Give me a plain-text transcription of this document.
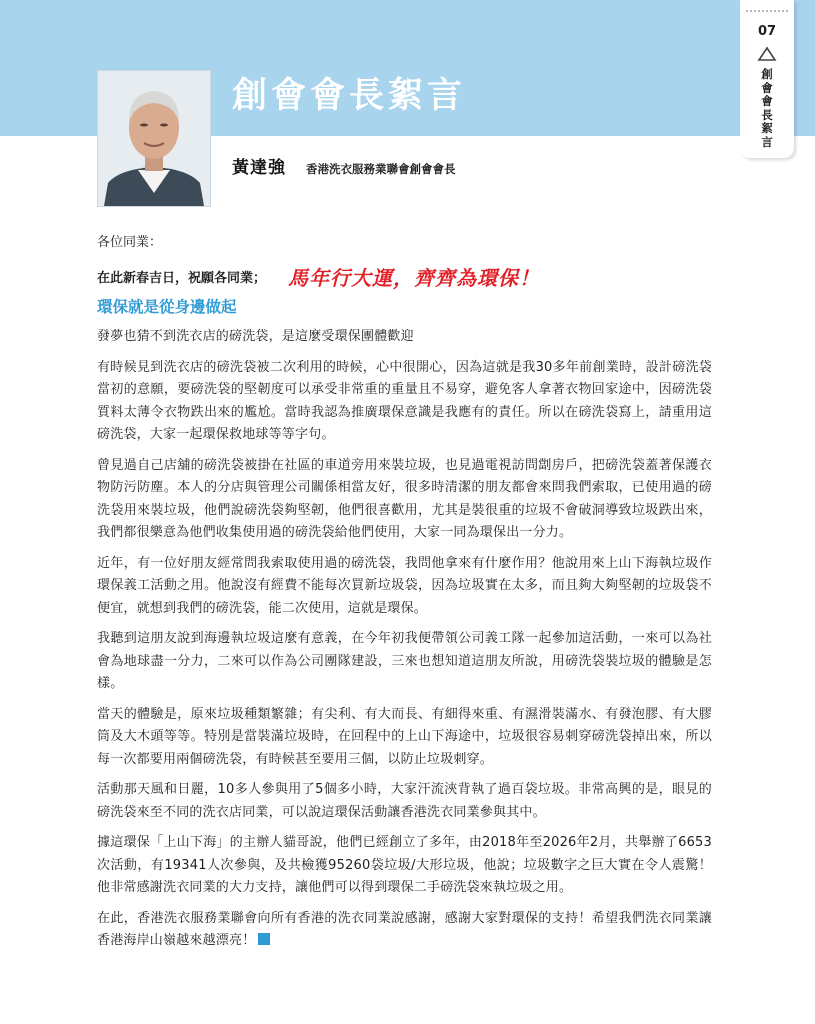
創會會長絮言
黃達強 香港洗衣服務業聯會創會會長
07
創
會
會
長
絮
言

各位同業：

在此新春吉日，祝願各同業； 馬年行大運，齊齊為環保！

環保就是從身邊做起

發夢也猜不到洗衣店的磅洗袋，是這麼受環保團體歡迎

有時候見到洗衣店的磅洗袋被二次利用的時候，心中很開心，因為這就是我30多年前創業時，設計磅洗袋當初的意願，要磅洗袋的堅韌度可以承受非常重的重量且不易穿，避免客人拿著衣物回家途中，因磅洗袋質料太薄令衣物跌出來的尷尬。當時我認為推廣環保意識是我應有的責任。所以在磅洗袋寫上，請重用這磅洗袋，大家一起環保救地球等等字句。

曾見過自己店舖的磅洗袋被掛在社區的車道旁用來裝垃圾，也見過電視訪問劏房戶，把磅洗袋蓋著保護衣物防污防塵。本人的分店與管理公司關係相當友好，很多時清潔的朋友都會來問我們索取，已使用過的磅洗袋用來裝垃圾，他們說磅洗袋夠堅韌，他們很喜歡用，尤其是裝很重的垃圾不會破洞導致垃圾跌出來，我們都很樂意為他們收集使用過的磅洗袋給他們使用，大家一同為環保出一分力。

近年，有一位好朋友經常問我索取使用過的磅洗袋，我問他拿來有什麼作用？他說用來上山下海執垃圾作環保義工活動之用。他說沒有經費不能每次買新垃圾袋，因為垃圾實在太多，而且夠大夠堅韌的垃圾袋不便宜，就想到我們的磅洗袋，能二次使用，這就是環保。

我聽到這朋友說到海邊執垃圾這麼有意義，在今年初我便帶領公司義工隊一起參加這活動，一來可以為社會為地球盡一分力，二來可以作為公司團隊建設，三來也想知道這朋友所說，用磅洗袋裝垃圾的體驗是怎樣。

當天的體驗是，原來垃圾種類繁雜；有尖利、有大而長、有細得來重、有濕滑裝滿水、有發泡膠、有大膠筒及大木頭等等。特別是當裝滿垃圾時，在回程中的上山下海途中，垃圾很容易刺穿磅洗袋掉出來，所以每一次都要用兩個磅洗袋，有時候甚至要用三個，以防止垃圾刺穿。

活動那天風和日麗，10多人參與用了5個多小時，大家汗流浹背執了過百袋垃圾。非常高興的是，眼見的磅洗袋來至不同的洗衣店同業，可以說這環保活動讓香港洗衣同業參與其中。

據這環保「上山下海」的主辦人貓哥說，他們已經創立了多年，由2018年至2026年2月，共舉辦了6653次活動，有19341人次參與，及共檢獲95260袋垃圾/大形垃圾，他說；垃圾數字之巨大實在令人震驚！他非常感謝洗衣同業的大力支持，讓他們可以得到環保二手磅洗袋來執垃圾之用。

在此，香港洗衣服務業聯會向所有香港的洗衣同業說感謝，感謝大家對環保的支持！希望我們洗衣同業讓香港海岸山嶺越來越漂亮！
